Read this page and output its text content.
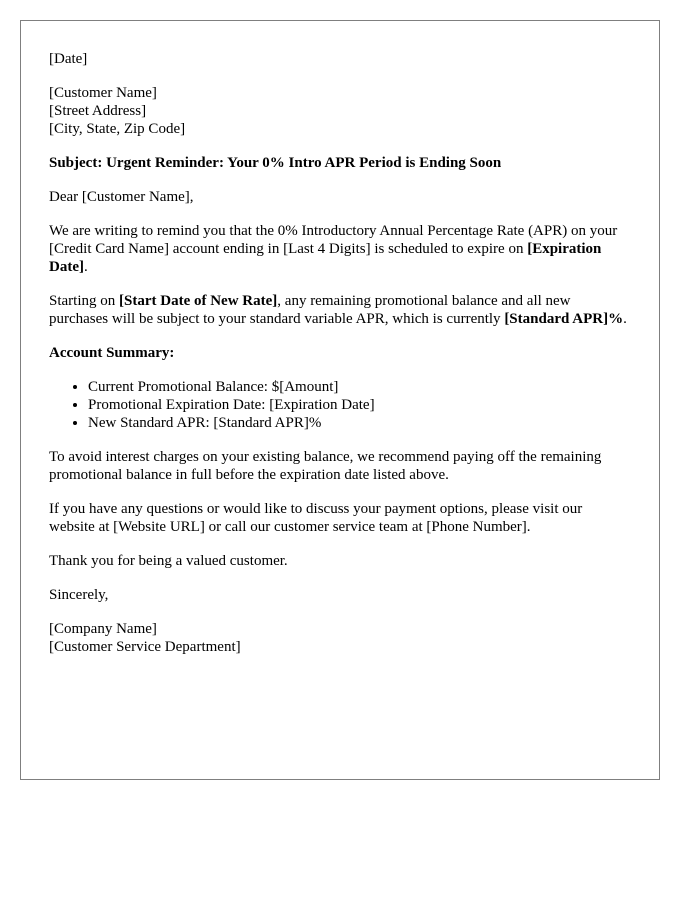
[Date]

[Customer Name]
[Street Address]
[City, State, Zip Code]

Subject: Urgent Reminder: Your 0% Intro APR Period is Ending Soon

Dear [Customer Name],

We are writing to remind you that the 0% Introductory Annual Percentage Rate (APR) on your [Credit Card Name] account ending in [Last 4 Digits] is scheduled to expire on [Expiration Date].

Starting on [Start Date of New Rate], any remaining promotional balance and all new purchases will be subject to your standard variable APR, which is currently [Standard APR]%.

Account Summary:

• Current Promotional Balance: $[Amount]
• Promotional Expiration Date: [Expiration Date]
• New Standard APR: [Standard APR]%

To avoid interest charges on your existing balance, we recommend paying off the remaining promotional balance in full before the expiration date listed above.

If you have any questions or would like to discuss your payment options, please visit our website at [Website URL] or call our customer service team at [Phone Number].

Thank you for being a valued customer.

Sincerely,

[Company Name]
[Customer Service Department]
